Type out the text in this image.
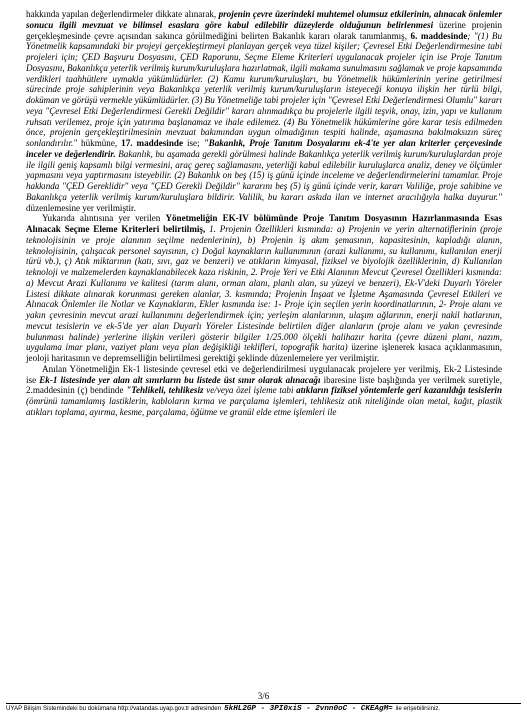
hakkında yapılan değerlendirmeler dikkate alınarak, projenin çevre üzerindeki muhtemel olumsuz etkilerinin, alınacak önlemler sonucu ilgili mevzuat ve bilimsel esaslara göre kabul edilebilir düzeylerde olduğunun belirlenmesi üzerine projenin gerçekleşmesinde çevre açısından sakınca görülmediğini belirten Bakanlık kararı olarak tanımlanmış, 6. maddesinde; "(1) Bu Yönetmelik kapsamındaki bir projeyi gerçekleştirmeyi planlayan gerçek veya tüzel kişiler; Çevresel Etki Değerlendirmesine tabi projeleri için; ÇED Başvuru Dosyasını, ÇED Raporunu, Seçme Eleme Kriterleri uygulanacak projeler için ise Proje Tanıtım Dosyasını, Bakanlıkça yeterlik verilmiş kurum/kuruluşlara hazırlatmak, ilgili makama sunulmasını sağlamak ve proje kapsamında verdikleri taahhütlere uymakla yükümlüdürler. (2) Kamu kurum/kuruluşları, bu Yönetmelik hükümlerinin yerine getirilmesi sürecinde proje sahiplerinin veya Bakanlıkça yeterlik verilmiş kurum/kuruluşların isteyeceği konuya ilişkin her türlü bilgi, doküman ve görüşü vermekle yükümlüdürler. (3) Bu Yönetmeliğe tabi projeler için "Çevresel Etki Değerlendirmesi Olumlu" kararı veya "Çevresel Etki Değerlendirmesi Gerekli Değildir" kararı alınmadıkça bu projelerle ilgili teşvik, onay, izin, yapı ve kullanım ruhsatı verilemez, proje için yatırıma başlanamaz ve ihale edilemez. (4) Bu Yönetmelik hükümlerine göre karar tesis edilmeden önce, projenin gerçekleştirilmesinin mevzuat bakımından uygun olmadığının tespiti halinde, aşamasına bakılmaksızın süreç sonlandırılır." hükmüne, 17. maddesinde ise; "Bakanlık, Proje Tanıtım Dosyalarını ek-4'te yer alan kriterler çerçevesinde inceler ve değerlendirir. Bakanlık, bu aşamada gerekli görülmesi halinde Bakanlıkça yeterlik verilmiş kurum/kuruluşlardan proje ile ilgili geniş kapsamlı bilgi vermesini, araç gereç sağlamasını, yeterliği kabul edilebilir kuruluşlarca analiz, deney ve ölçümler yapmasını veya yaptırmasını isteyebilir. (2) Bakanlık on beş (15) iş günü içinde inceleme ve değerlendirmelerini tamamlar. Proje hakkında "ÇED Gereklidir" veya "ÇED Gerekli Değildir" kararını beş (5) iş günü içinde verir, kararı Valiliğe, proje sahibine ve Bakanlıkça yeterlik verilmiş kurum/kuruluşlara bildirir. Valilik, bu kararı askıda ilan ve internet aracılığıyla halka duyurur." düzenlemesine yer verilmiştir.

Yukarıda alıntısına yer verilen Yönetmeliğin EK-IV bölümünde Proje Tanıtım Dosyasının Hazırlanmasında Esas Alınacak Seçme Eleme Kriterleri belirtilmiş, 1. Projenin Özellikleri kısmında: a) Projenin ve yerin alternatiflerinin (proje teknolojisinin ve proje alanının seçilme nedenlerinin), b) Projenin iş akım şemasının, kapasitesinin, kapladığı alanın, teknolojisinin, çalışacak personel sayısının, c) Doğal kaynakların kullanımının (arazi kullanımı, su kullanımı, kullanılan enerji türü vb.), ç) Atık miktarının (katı, sıvı, gaz ve benzeri) ve atıkların kimyasal, fiziksel ve biyolojik özelliklerinin, d) Kullanılan teknoloji ve malzemelerden kaynaklanabilecek kaza riskinin, 2. Proje Yeri ve Etki Alanının Mevcut Çevresel Özellikleri kısmında: a) Mevcut Arazi Kullanımı ve kalitesi (tarım alanı, orman alanı, planlı alan, su yüzeyi ve benzeri), Ek-V'deki Duyarlı Yöreler Listesi dikkate alınarak korunması gereken alanlar, 3. kısmında; Projenin İnşaat ve İşletme Aşamasında Çevresel Etkileri ve Alınacak Önlemler ile Notlar ve Kaynakların, Ekler kısmında ise: 1- Proje için seçilen yerin koordinatlarının, 2- Proje alanı ve yakın çevresinin mevcut arazi kullanımını değerlendirmek için; yerleşim alanlarının, ulaşım ağlarının, enerji nakil hatlarının, mevcut tesislerin ve ek-5'de yer alan Duyarlı Yöreler Listesinde belirtilen diğer alanların (proje alanı ve yakın çevresinde bulunması halinde) yerlerine ilişkin verileri gösterir bilgiler 1/25.000 ölçekli halihazır harita (çevre düzeni planı, nazım, uygulama imar planı, vaziyet planı veya plan değişikliği teklifleri, topografik harita) üzerine işlenerek kısaca açıklanmasının, jeoloji haritasının ve depremselliğin belirtilmesi gerektiği şeklinde düzenlemelere yer verilmiştir.

Anılan Yönetmeliğin Ek-1 listesinde çevresel etki ve değerlendirilmesi uygulanacak projelere yer verilmiş, Ek-2 Listesinde ise Ek-1 listesinde yer alan alt sınırların bu listede üst sınır olarak alınacağı ibaresine liste başlığında yer verilmek suretiyle, 2.maddesinin (ç) bendinde "Tehlikeli, tehlikesiz ve/veya özel işleme tabi atıkların fiziksel yöntemlerle geri kazanıldığı tesislerin (ömrünü tamamlamış lastiklerin, kabloların kırma ve parçalama işlemleri, tehlikesiz atık niteliğinde olan metal, kağıt, plastik atıkları toplama, ayırma, kesme, parçalama, öğütme ve granül elde etme işlemleri ile

3/6
UYAP Bilişim Sistemindeki bu dokümana http://vatandas.uyap.gov.tr adresinden 5kHL2GP - 3PI0xiS - 2vnn0oC - CKEAgM= ile erişebilirsiniz.
